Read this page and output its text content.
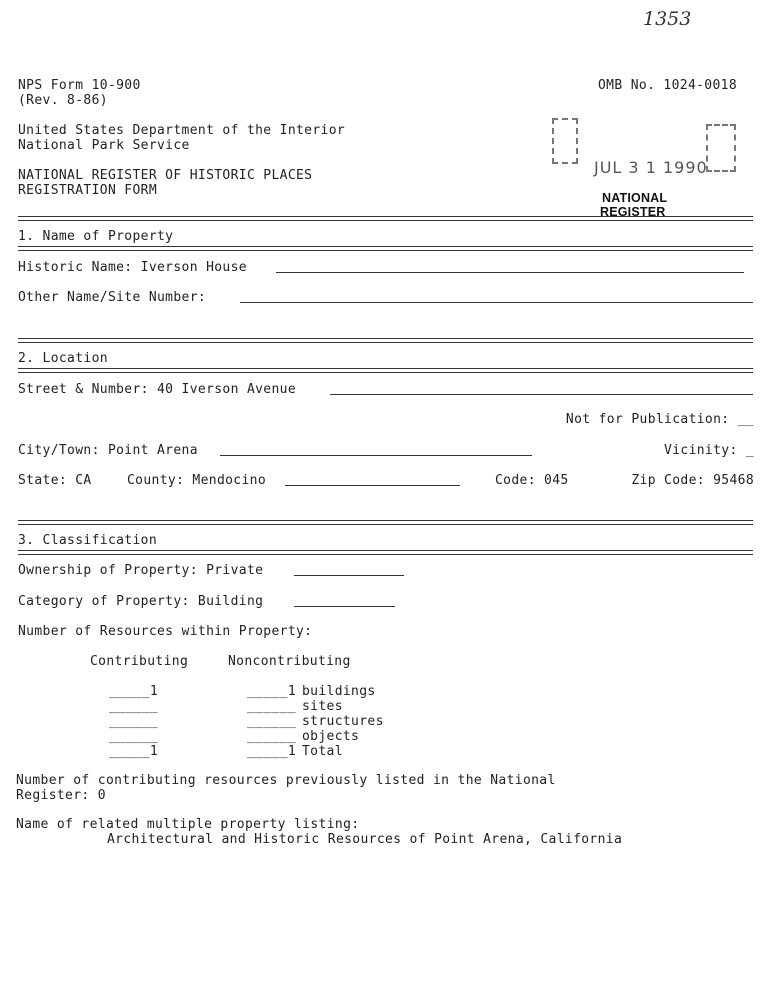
1353
NPS Form 10-900
(Rev. 8-86)
OMB No. 1024-0018
United States Department of the Interior
National Park Service
NATIONAL REGISTER OF HISTORIC PLACES
REGISTRATION FORM
JUL 3 1 1990
NATIONAL
REGISTER
1. Name of Property
Historic Name: Iverson House
Other Name/Site Number:
2. Location
Street & Number: 40 Iverson Avenue
Not for Publication: __
City/Town: Point Arena	Vicinity: _
State: CA	County: Mendocino	Code: 045	Zip Code: 95468
3. Classification
Ownership of Property: Private
Category of Property: Building
Number of Resources within Property:
Contributing	Noncontributing
_____1	_____1 buildings
______	______ sites
______	______ structures
______	______ objects
_____1	_____1 Total
Number of contributing resources previously listed in the National
Register: 0
Name of related multiple property listing:
Architectural and Historic Resources of Point Arena, California
